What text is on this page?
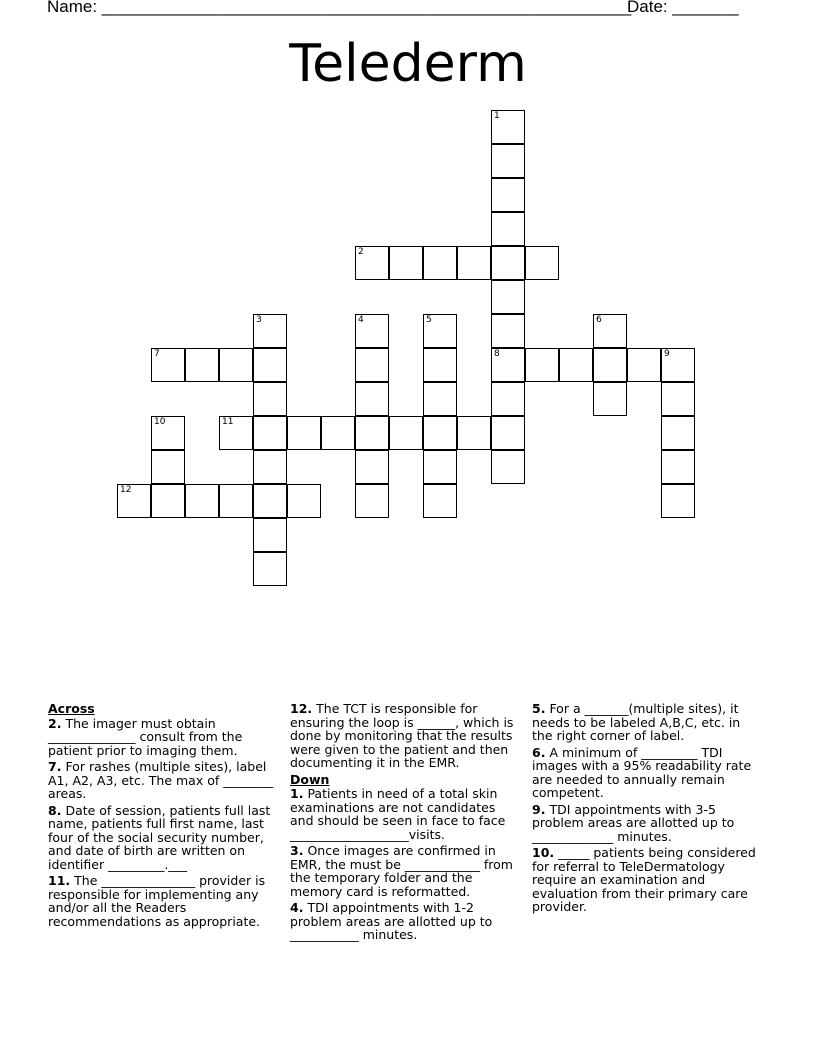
Name: ________________________________________________________
Date: _______
Telederm
1
8
2
3	4	5	6
7	9
10	11
12
Across
2. The imager must obtain ______________ consult from the patient prior to imaging them.
7. For rashes (multiple sites), label A1, A2, A3, etc. The max of ________ areas.
8. Date of session, patients full last name, patients full first name, last four of the social security number, and date of birth are written on identifier _________.___
11. The _______________ provider is responsible for implementing any and/or all the Readers recommendations as appropriate.
12. The TCT is responsible for ensuring the loop is ______, which is done by monitoring that the results were given to the patient and then documenting it in the EMR.
Down
1. Patients in need of a total skin examinations are not candidates and should be seen in face to face ___________________visits.
3. Once images are confirmed in EMR, the must be ____________ from the temporary folder and the memory card is reformatted.
4. TDI appointments with 1-2 problem areas are allotted up to ___________ minutes.
5. For a _______(multiple sites), it needs to be labeled A,B,C, etc. in the right corner of label.
6. A minimum of _________ TDI images with a 95% readability rate are needed to annually remain competent.
9. TDI appointments with 3-5 problem areas are allotted up to _____________ minutes.
10. _____ patients being considered for referral to TeleDermatology require an examination and evaluation from their primary care provider.
